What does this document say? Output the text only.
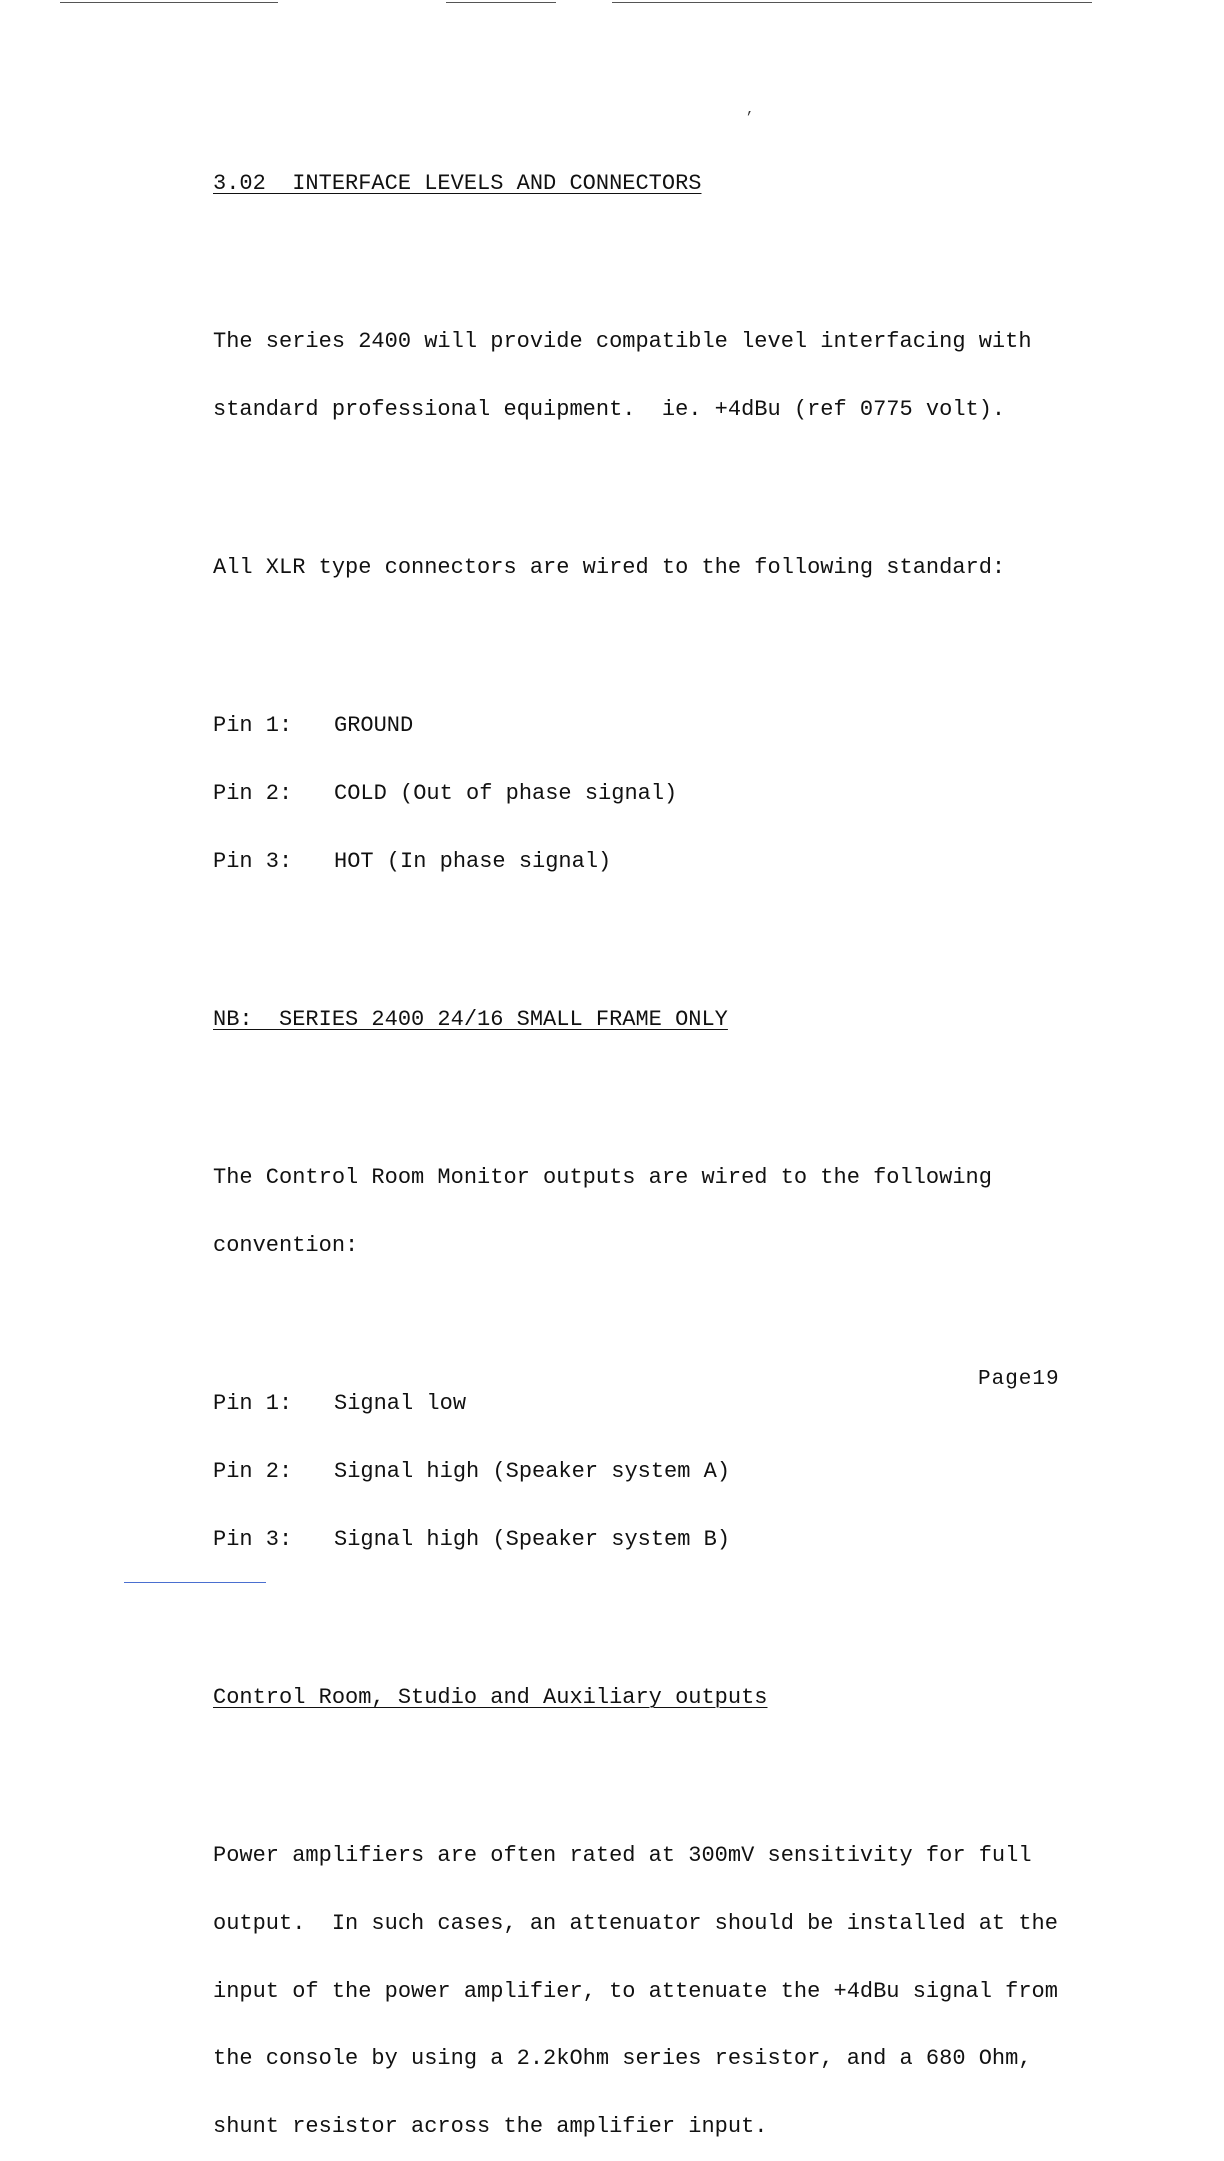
,

3.02  INTERFACE LEVELS AND CONNECTORS

The series 2400 will provide compatible level interfacing with

standard professional equipment.  ie. +4dBu (ref 0775 volt).

All XLR type connectors are wired to the following standard:

Pin 1:	GROUND

Pin 2:	COLD (Out of phase signal)

Pin 3:	HOT (In phase signal)

NB:  SERIES 2400 24/16 SMALL FRAME ONLY

The Control Room Monitor outputs are wired to the following

convention:

Pin 1:	Signal low

Pin 2:	Signal high (Speaker system A)

Pin 3:	Signal high (Speaker system B)

Control Room, Studio and Auxiliary outputs

Power amplifiers are often rated at 300mV sensitivity for full

output.  In such cases, an attenuator should be installed at the

input of the power amplifier, to attenuate the +4dBu signal from

the console by using a 2.2kOhm series resistor, and a 680 Ohm,

shunt resistor across the amplifier input.

Page19
